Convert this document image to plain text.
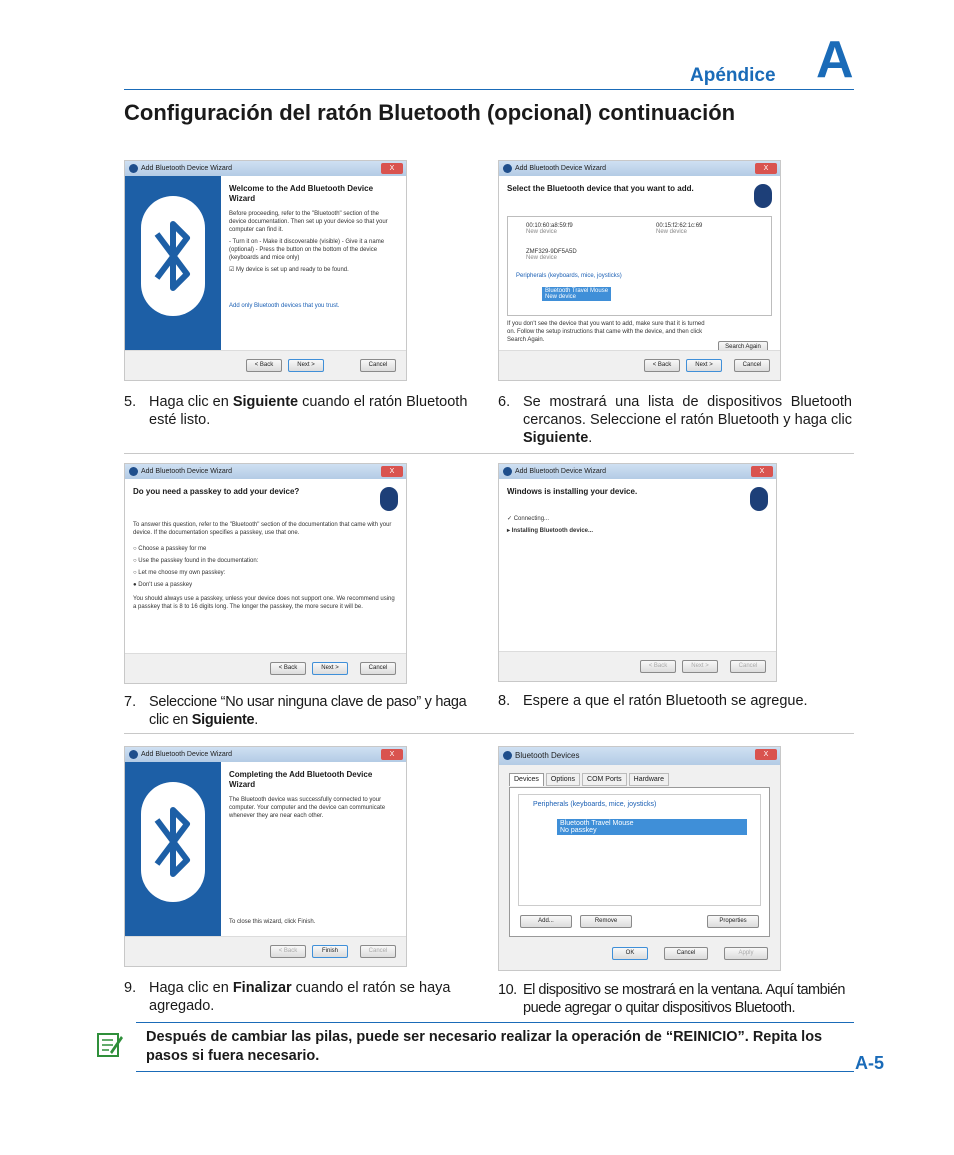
Apéndice A
Configuración del ratón Bluetooth (opcional) continuación
Add Bluetooth Device Wizard	X
Welcome to the Add Bluetooth Device Wizard

Before proceeding, refer to the "Bluetooth" section of the device documentation. Then set up your device so that your computer can find it.

- Turn it on - Make it discoverable (visible) - Give it a name (optional) - Press the button on the bottom of the device (keyboards and mice only)

☑ My device is set up and ready to be found.

Add only Bluetooth devices that you trust.

< Back	Next >	Cancel
Add Bluetooth Device Wizard	X
Select the Bluetooth device that you want to add.
00:10:60:a8:59:f9
New device
00:15:f2:62:1c:69
New device
ZMF329-9DF5A5D
New device
Peripherals (keyboards, mice, joysticks)
Bluetooth Travel Mouse
New device

If you don't see the device that you want to add, make sure that it is turned on. Follow the setup instructions that came with the device, and then click Search Again.

Search Again
< Back	Next >	Cancel
5. Haga clic en Siguiente cuando el ratón Bluetooth esté listo.
6. Se mostrará una lista de dispositivos Bluetooth cercanos. Seleccione el ratón Bluetooth y haga clic Siguiente.
Add Bluetooth Device Wizard	X
Do you need a passkey to add your device?

To answer this question, refer to the "Bluetooth" section of the documentation that came with your device. If the documentation specifies a passkey, use that one.

○ Choose a passkey for me

○ Use the passkey found in the documentation:

○ Let me choose my own passkey:

● Don't use a passkey

You should always use a passkey, unless your device does not support one. We recommend using a passkey that is 8 to 16 digits long. The longer the passkey, the more secure it will be.

< Back	Next >	Cancel
Add Bluetooth Device Wizard	X
Windows is installing your device.

✓ Connecting...

▸ Installing Bluetooth device...

< Back	Next >	Cancel
7. Seleccione “No usar ninguna clave de paso” y haga clic en Siguiente.
8. Espere a que el ratón Bluetooth se agregue.
Add Bluetooth Device Wizard	X
Completing the Add Bluetooth Device Wizard

The Bluetooth device was successfully connected to your computer. Your computer and the device can communicate whenever they are near each other.

To close this wizard, click Finish.

< Back	Finish	Cancel
Bluetooth Devices	X
Devices	Options	COM Ports	Hardware
Peripherals (keyboards, mice, joysticks)
Bluetooth Travel Mouse
No passkey
Add...	Remove	Properties
OK	Cancel	Apply
9. Haga clic en Finalizar cuando el ratón se haya agregado.
10. El dispositivo se mostrará en la ventana. Aquí también puede agregar o quitar dispositivos Bluetooth.
Después de cambiar las pilas, puede ser necesario realizar la operación de “REINICIO”. Repita los pasos si fuera necesario.	A-5
